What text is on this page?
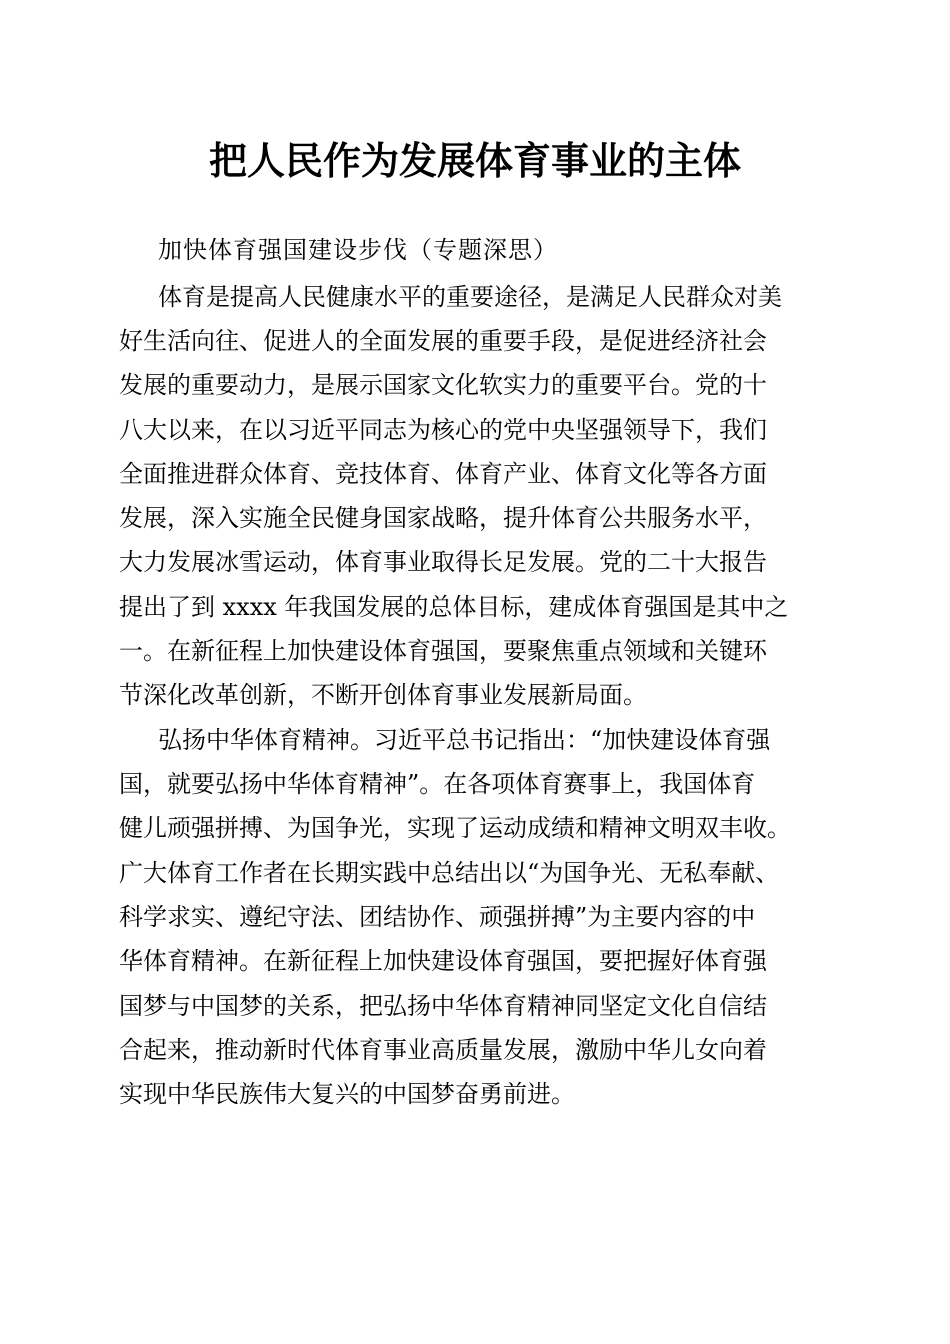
把人民作为发展体育事业的主体
加快体育强国建设步伐（专题深思）
体育是提高人民健康水平的重要途径，是满足人民群众对美
好生活向往、促进人的全面发展的重要手段，是促进经济社会
发展的重要动力，是展示国家文化软实力的重要平台。党的十
八大以来，在以习近平同志为核心的党中央坚强领导下，我们
全面推进群众体育、竞技体育、体育产业、体育文化等各方面
发展，深入实施全民健身国家战略，提升体育公共服务水平，
大力发展冰雪运动，体育事业取得长足发展。党的二十大报告
提出了到 xxxx 年我国发展的总体目标，建成体育强国是其中之
一。在新征程上加快建设体育强国，要聚焦重点领域和关键环
节深化改革创新，不断开创体育事业发展新局面。
弘扬中华体育精神。习近平总书记指出：“加快建设体育强
国，就要弘扬中华体育精神”。在各项体育赛事上，我国体育
健儿顽强拼搏、为国争光，实现了运动成绩和精神文明双丰收。
广大体育工作者在长期实践中总结出以“为国争光、无私奉献、
科学求实、遵纪守法、团结协作、顽强拼搏”为主要内容的中
华体育精神。在新征程上加快建设体育强国，要把握好体育强
国梦与中国梦的关系，把弘扬中华体育精神同坚定文化自信结
合起来，推动新时代体育事业高质量发展，激励中华儿女向着
实现中华民族伟大复兴的中国梦奋勇前进。
